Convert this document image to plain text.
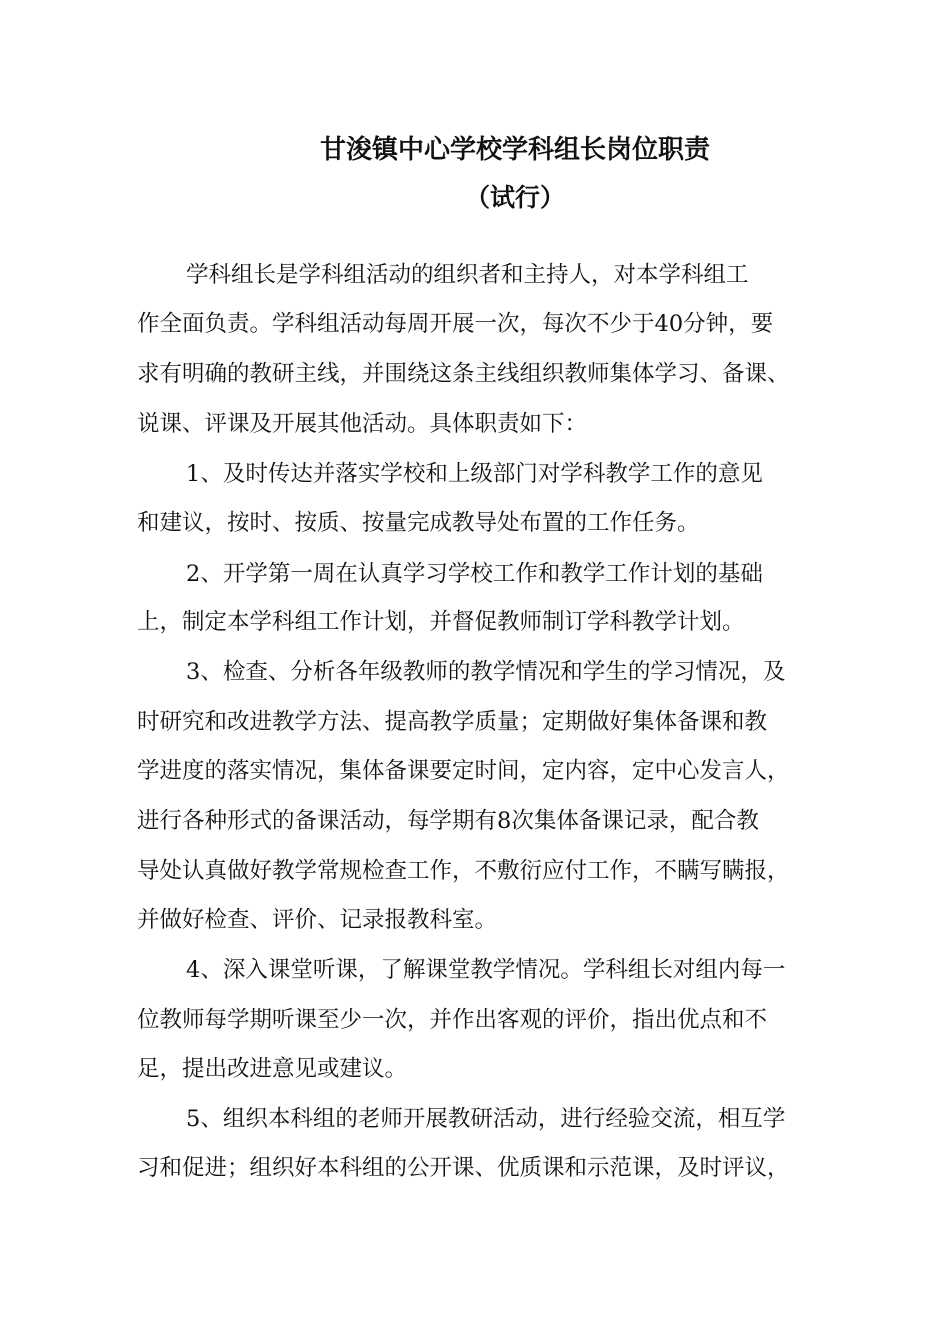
甘浚镇中心学校学科组长岗位职责
（试行）
学科组长是学科组活动的组织者和主持人，对本学科组工
作全面负责。学科组活动每周开展一次，每次不少于40分钟，要
求有明确的教研主线，并围绕这条主线组织教师集体学习、备课、
说课、评课及开展其他活动。具体职责如下：
1、及时传达并落实学校和上级部门对学科教学工作的意见
和建议，按时、按质、按量完成教导处布置的工作任务。
2、开学第一周在认真学习学校工作和教学工作计划的基础
上，制定本学科组工作计划，并督促教师制订学科教学计划。
3、检查、分析各年级教师的教学情况和学生的学习情况，及
时研究和改进教学方法、提高教学质量；定期做好集体备课和教
学进度的落实情况，集体备课要定时间，定内容，定中心发言人，
进行各种形式的备课活动，每学期有8次集体备课记录，配合教
导处认真做好教学常规检查工作，不敷衍应付工作，不瞒写瞒报，
并做好检查、评价、记录报教科室。
4、深入课堂听课，了解课堂教学情况。学科组长对组内每一
位教师每学期听课至少一次，并作出客观的评价，指出优点和不
足，提出改进意见或建议。
5、组织本科组的老师开展教研活动，进行经验交流，相互学
习和促进；组织好本科组的公开课、优质课和示范课，及时评议，
